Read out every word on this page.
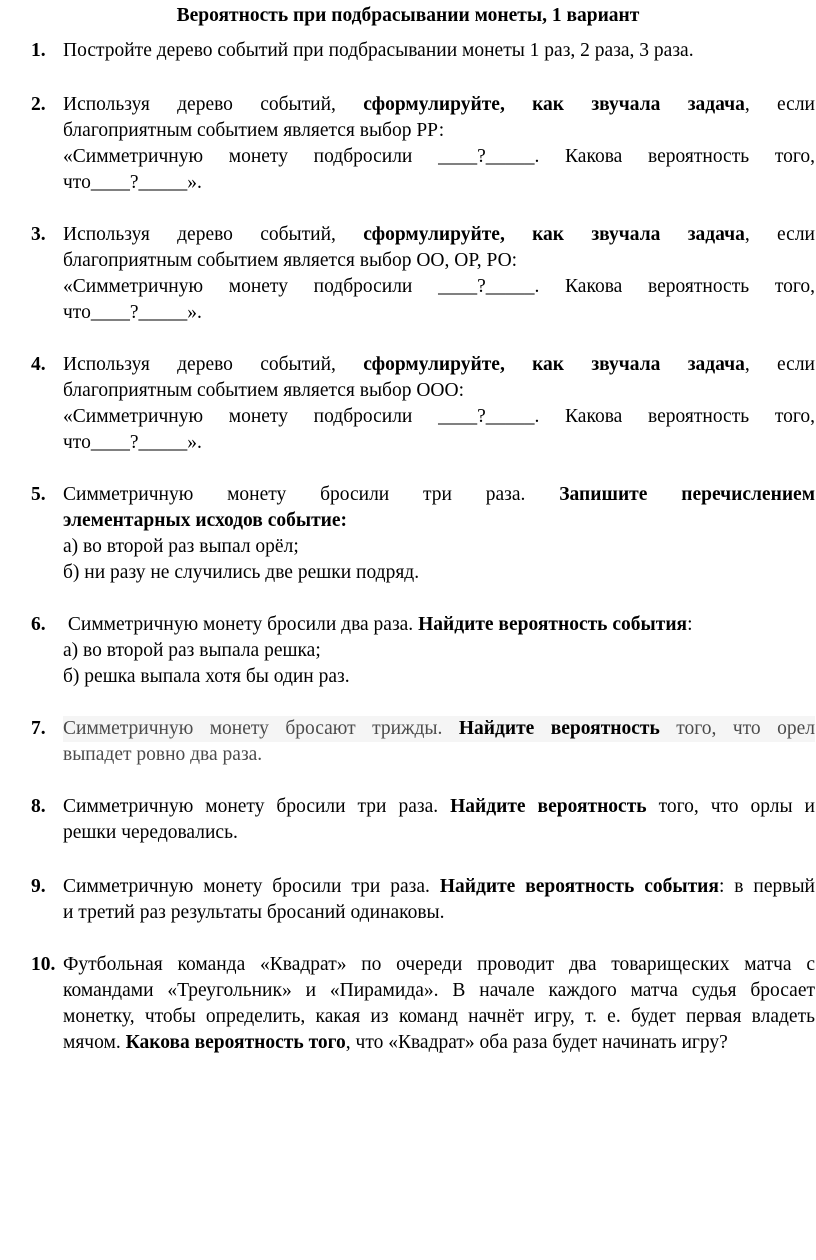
Вероятность при подбрасывании монеты, 1 вариант
1. Постройте дерево событий при подбрасывании монеты 1 раз, 2 раза, 3 раза.
2. Используя дерево событий, сформулируйте, как звучала задача, если
благоприятным событием является выбор РР:
«Симметричную монету подбросили ____?_____. Какова вероятность того,
что____?_____».
3. Используя дерево событий, сформулируйте, как звучала задача, если
благоприятным событием является выбор ОО, ОР, РО:
«Симметричную монету подбросили ____?_____. Какова вероятность того,
что____?_____».
4. Используя дерево событий, сформулируйте, как звучала задача, если
благоприятным событием является выбор ООО:
«Симметричную монету подбросили ____?_____. Какова вероятность того,
что____?_____».
5. Симметричную монету бросили три раза. Запишите перечислением
элементарных исходов событие:
а) во второй раз выпал орёл;
б) ни разу не случились две решки подряд.
6. Симметричную монету бросили два раза. Найдите вероятность события:
а) во второй раз выпала решка;
б) решка выпала хотя бы один раз.
7. Симметричную монету бросают трижды. Найдите вероятность того, что орел
выпадет ровно два раза.
8. Симметричную монету бросили три раза. Найдите вероятность того, что орлы и
решки чередовались.
9. Симметричную монету бросили три раза. Найдите вероятность события: в первый
и третий раз результаты бросаний одинаковы.
10. Футбольная команда «Квадрат» по очереди проводит два товарищеских матча с
командами «Треугольник» и «Пирамида». В начале каждого матча судья бросает
монетку, чтобы определить, какая из команд начнёт игру, т. е. будет первая владеть
мячом. Какова вероятность того, что «Квадрат» оба раза будет начинать игру?
